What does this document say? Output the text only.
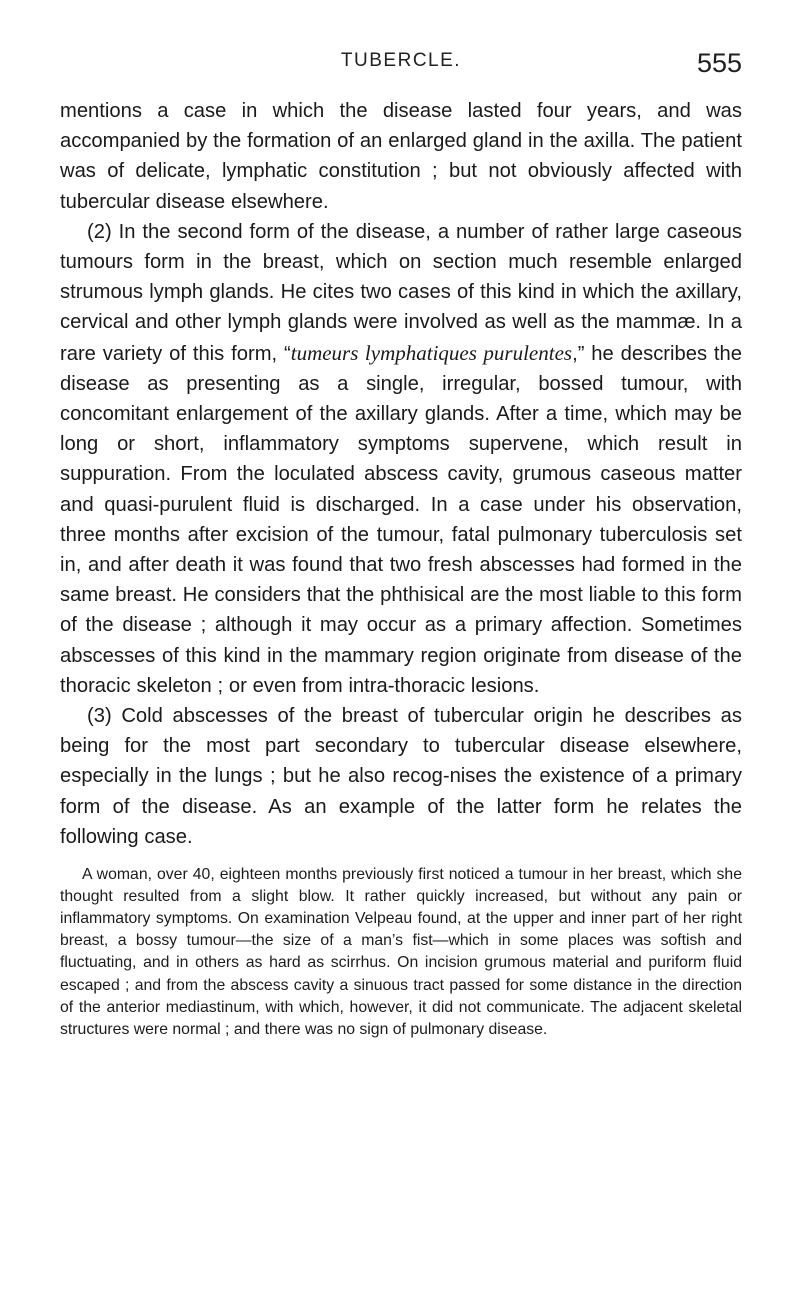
TUBERCLE.	555

mentions a case in which the disease lasted four years, and was accompanied by the formation of an enlarged gland in the axilla. The patient was of delicate, lymphatic constitution ; but not obviously affected with tubercular disease elsewhere.

(2) In the second form of the disease, a number of rather large caseous tumours form in the breast, which on section much resemble enlarged strumous lymph glands. He cites two cases of this kind in which the axillary, cervical and other lymph glands were involved as well as the mammæ. In a rare variety of this form, “tumeurs lymphatiques purulentes,” he describes the disease as presenting as a single, irregular, bossed tumour, with concomitant enlargement of the axillary glands. After a time, which may be long or short, inflammatory symptoms supervene, which result in suppuration. From the loculated abscess cavity, grumous caseous matter and quasi-purulent fluid is discharged. In a case under his observation, three months after excision of the tumour, fatal pulmonary tuberculosis set in, and after death it was found that two fresh abscesses had formed in the same breast. He considers that the phthisical are the most liable to this form of the disease ; although it may occur as a primary affection. Sometimes abscesses of this kind in the mammary region originate from disease of the thoracic skeleton ; or even from intra-thoracic lesions.

(3) Cold abscesses of the breast of tubercular origin he describes as being for the most part secondary to tubercular disease elsewhere, especially in the lungs ; but he also recog-nises the existence of a primary form of the disease. As an example of the latter form he relates the following case.

A woman, over 40, eighteen months previously first noticed a tumour in her breast, which she thought resulted from a slight blow. It rather quickly increased, but without any pain or inflammatory symptoms. On examination Velpeau found, at the upper and inner part of her right breast, a bossy tumour—the size of a man’s fist—which in some places was softish and fluctuating, and in others as hard as scirrhus. On incision grumous material and puriform fluid escaped ; and from the abscess cavity a sinuous tract passed for some distance in the direction of the anterior mediastinum, with which, however, it did not communicate. The adjacent skeletal structures were normal ; and there was no sign of pulmonary disease.
